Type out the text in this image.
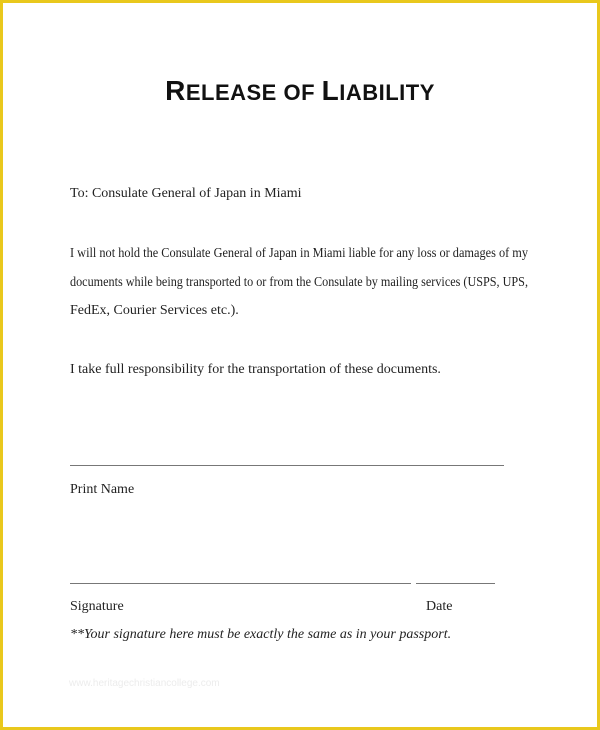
RELEASE OF LIABILITY
To: Consulate General of Japan in Miami
I will not hold the Consulate General of Japan in Miami liable for any loss or damages of my
documents while being transported to or from the Consulate by mailing services (USPS, UPS,
FedEx, Courier Services etc.).
I take full responsibility for the transportation of these documents.
Print Name
Signature	Date
**Your signature here must be exactly the same as in your passport.
www.heritagechristiancollege.com
